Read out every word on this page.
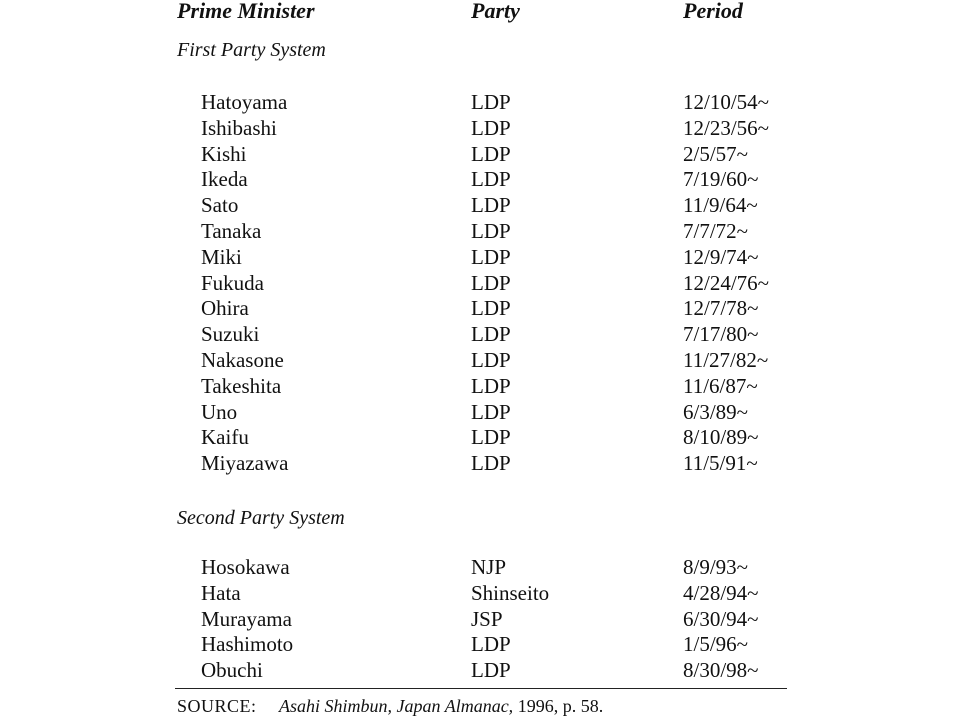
Prime Minister	Party	Period
First Party System
Hatoyama	LDP	12/10/54~
Ishibashi	LDP	12/23/56~
Kishi	LDP	2/5/57~
Ikeda	LDP	7/19/60~
Sato	LDP	11/9/64~
Tanaka	LDP	7/7/72~
Miki	LDP	12/9/74~
Fukuda	LDP	12/24/76~
Ohira	LDP	12/7/78~
Suzuki	LDP	7/17/80~
Nakasone	LDP	11/27/82~
Takeshita	LDP	11/6/87~
Uno	LDP	6/3/89~
Kaifu	LDP	8/10/89~
Miyazawa	LDP	11/5/91~
Second Party System
Hosokawa	NJP	8/9/93~
Hata	Shinseito	4/28/94~
Murayama	JSP	6/30/94~
Hashimoto	LDP	1/5/96~
Obuchi	LDP	8/30/98~
SOURCE: Asahi Shimbun, Japan Almanac, 1996, p. 58.
